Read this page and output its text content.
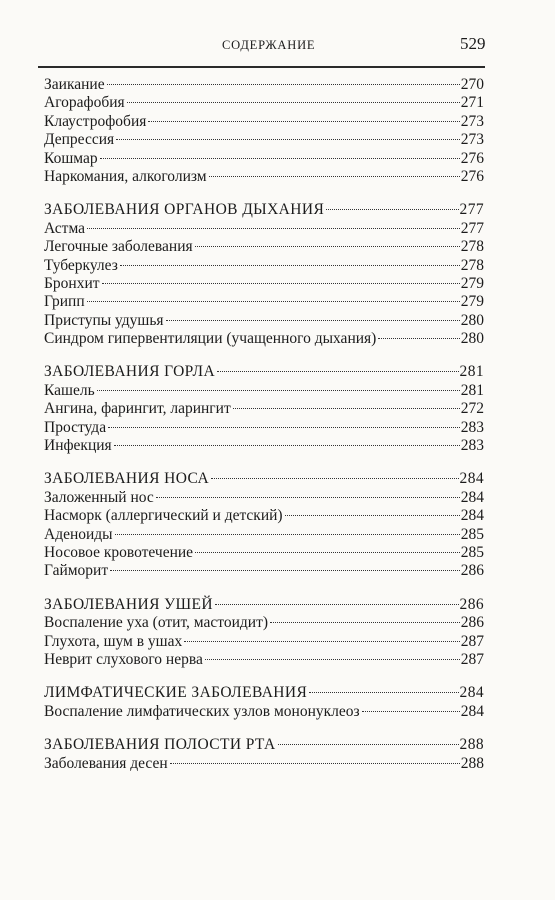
СОДЕРЖАНИЕ	529
Заикание	270
Агорафобия	271
Клаустрофобия	273
Депрессия	273
Кошмар	276
Наркомания, алкоголизм	276
ЗАБОЛЕВАНИЯ ОРГАНОВ ДЫХАНИЯ	277
Астма	277
Легочные заболевания	278
Туберкулез	278
Бронхит	279
Грипп	279
Приступы удушья	280
Синдром гипервентиляции (учащенного дыхания)	280
ЗАБОЛЕВАНИЯ ГОРЛА	281
Кашель	281
Ангина, фарингит, ларингит	272
Простуда	283
Инфекция	283
ЗАБОЛЕВАНИЯ НОСА	284
Заложенный нос	284
Насморк (аллергический и детский)	284
Аденоиды	285
Носовое кровотечение	285
Гайморит	286
ЗАБОЛЕВАНИЯ УШЕЙ	286
Воспаление уха (отит, мастоидит)	286
Глухота, шум в ушах	287
Неврит слухового нерва	287
ЛИМФАТИЧЕСКИЕ ЗАБОЛЕВАНИЯ	284
Воспаление лимфатических узлов мононуклеоз	284
ЗАБОЛЕВАНИЯ ПОЛОСТИ РТА	288
Заболевания десен	288
